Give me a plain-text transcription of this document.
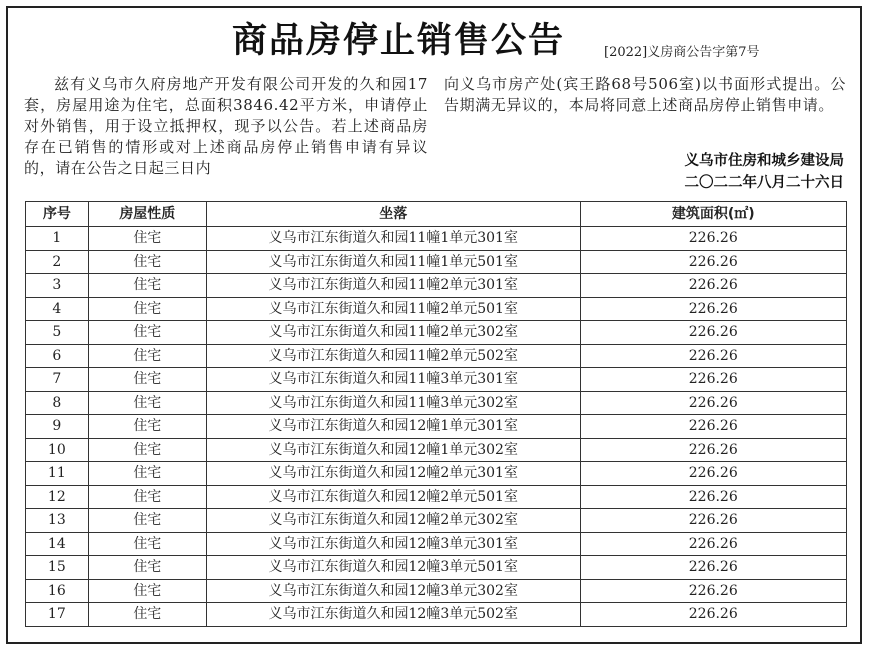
商品房停止销售公告	[2022]义房商公告字第7号
兹有义乌市久府房地产开发有限公司开发的久和园17套，房屋用途为住宅，总面积3846.42平方米，申请停止对外销售，用于设立抵押权，现予以公告。若上述商品房存在已销售的情形或对上述商品房停止销售申请有异议的，请在公告之日起三日内
向义乌市房产处(宾王路68号506室)以书面形式提出。公告期满无异议的，本局将同意上述商品房停止销售申请。
义乌市住房和城乡建设局
二〇二二年八月二十六日
序号	房屋性质	坐落	建筑面积(㎡)
1	住宅	义乌市江东街道久和园11幢1单元301室	226.26
2	住宅	义乌市江东街道久和园11幢1单元501室	226.26
3	住宅	义乌市江东街道久和园11幢2单元301室	226.26
4	住宅	义乌市江东街道久和园11幢2单元501室	226.26
5	住宅	义乌市江东街道久和园11幢2单元302室	226.26
6	住宅	义乌市江东街道久和园11幢2单元502室	226.26
7	住宅	义乌市江东街道久和园11幢3单元301室	226.26
8	住宅	义乌市江东街道久和园11幢3单元302室	226.26
9	住宅	义乌市江东街道久和园12幢1单元301室	226.26
10	住宅	义乌市江东街道久和园12幢1单元302室	226.26
11	住宅	义乌市江东街道久和园12幢2单元301室	226.26
12	住宅	义乌市江东街道久和园12幢2单元501室	226.26
13	住宅	义乌市江东街道久和园12幢2单元302室	226.26
14	住宅	义乌市江东街道久和园12幢3单元301室	226.26
15	住宅	义乌市江东街道久和园12幢3单元501室	226.26
16	住宅	义乌市江东街道久和园12幢3单元302室	226.26
17	住宅	义乌市江东街道久和园12幢3单元502室	226.26
